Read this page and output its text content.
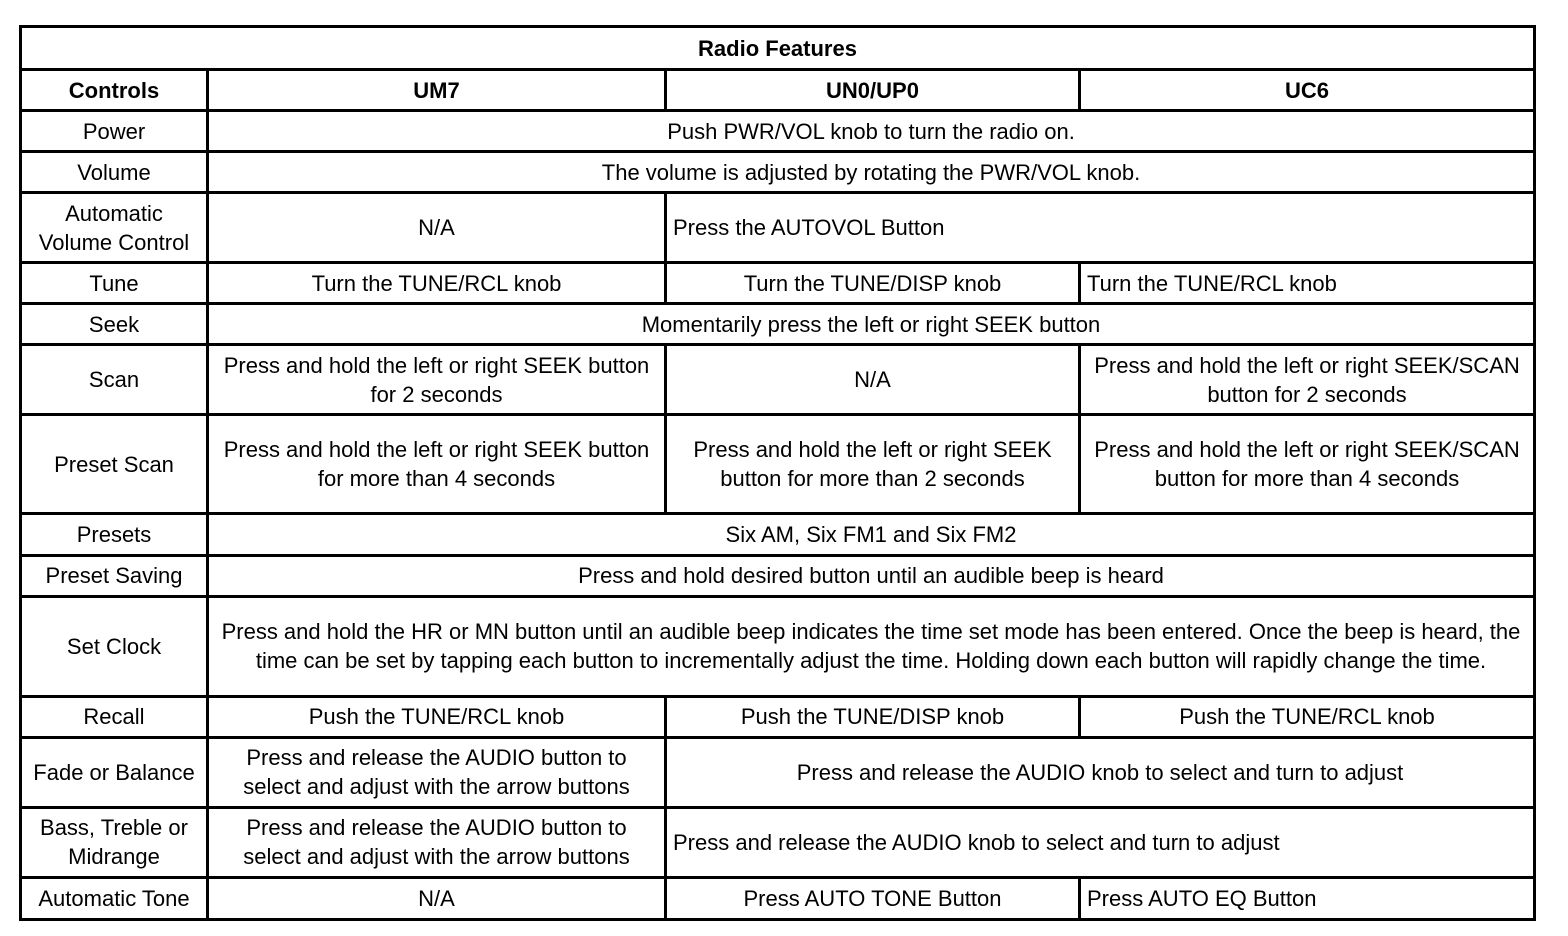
Radio Features			
Controls	UM7	UN0/UP0	UC6
Power	Push PWR/VOL knob to turn the radio on.		
Volume	The volume is adjusted by rotating the PWR/VOL knob.		
Automatic Volume Control	N/A	Press the AUTOVOL Button	
Tune	Turn the TUNE/RCL knob	Turn the TUNE/DISP knob	Turn the TUNE/RCL knob
Seek	Momentarily press the left or right SEEK button		
Scan	Press and hold the left or right SEEK button for 2 seconds	N/A	Press and hold the left or right SEEK/SCAN button for 2 seconds
Preset Scan	Press and hold the left or right SEEK button for more than 4 seconds	Press and hold the left or right SEEK button for more than 2 seconds	Press and hold the left or right SEEK/SCAN button for more than 4 seconds
Presets	Six AM, Six FM1 and Six FM2		
Preset Saving	Press and hold desired button until an audible beep is heard		
Set Clock	Press and hold the HR or MN button until an audible beep indicates the time set mode has been entered. Once the beep is heard, the time can be set by tapping each button to incrementally adjust the time. Holding down each button will rapidly change the time.		
Recall	Push the TUNE/RCL knob	Push the TUNE/DISP knob	Push the TUNE/RCL knob
Fade or Balance	Press and release the AUDIO button to select and adjust with the arrow buttons	Press and release the AUDIO knob to select and turn to adjust	
Bass, Treble or Midrange	Press and release the AUDIO button to select and adjust with the arrow buttons	Press and release the AUDIO knob to select and turn to adjust	
Automatic Tone	N/A	Press AUTO TONE Button	Press AUTO EQ Button
